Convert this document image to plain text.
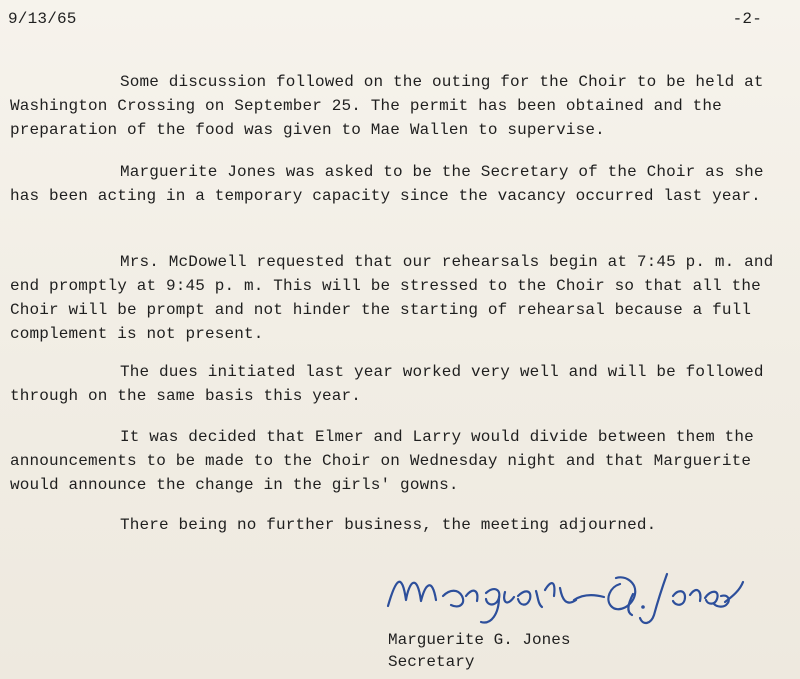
9/13/65	-2-
Some discussion followed on the outing for the Choir to be held at Washington Crossing on September 25. The permit has been obtained and the preparation of the food was given to Mae Wallen to supervise.
Marguerite Jones was asked to be the Secretary of the Choir as she has been acting in a temporary capacity since the vacancy occurred last year.
Mrs. McDowell requested that our rehearsals begin at 7:45 p. m. and end promptly at 9:45 p. m. This will be stressed to the Choir so that all the Choir will be prompt and not hinder the starting of rehearsal because a full complement is not present.
The dues initiated last year worked very well and will be followed through on the same basis this year.
It was decided that Elmer and Larry would divide between them the announcements to be made to the Choir on Wednesday night and that Marguerite would announce the change in the girls' gowns.
There being no further business, the meeting adjourned.
Marguerite G. Jones
Secretary
